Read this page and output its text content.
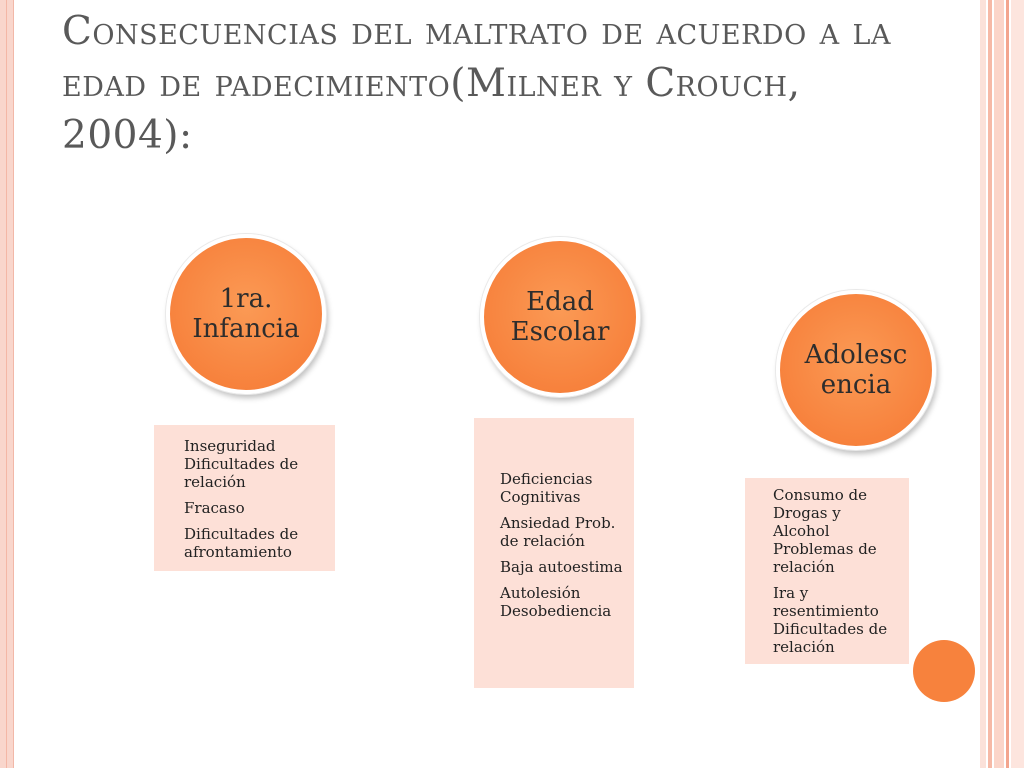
Consecuencias del maltrato de acuerdo a la edad de padecimiento(Milner y Crouch, 2004):
1ra.
Infancia

Inseguridad Dificultades de relación

Fracaso

Dificultades de afrontamiento

Edad
Escolar

Deficiencias Cognitivas

Ansiedad Prob. de relación

Baja autoestima

Autolesión Desobediencia

Adolesc
encia

Consumo de Drogas y Alcohol Problemas de relación

Ira y resentimiento Dificultades de relación
